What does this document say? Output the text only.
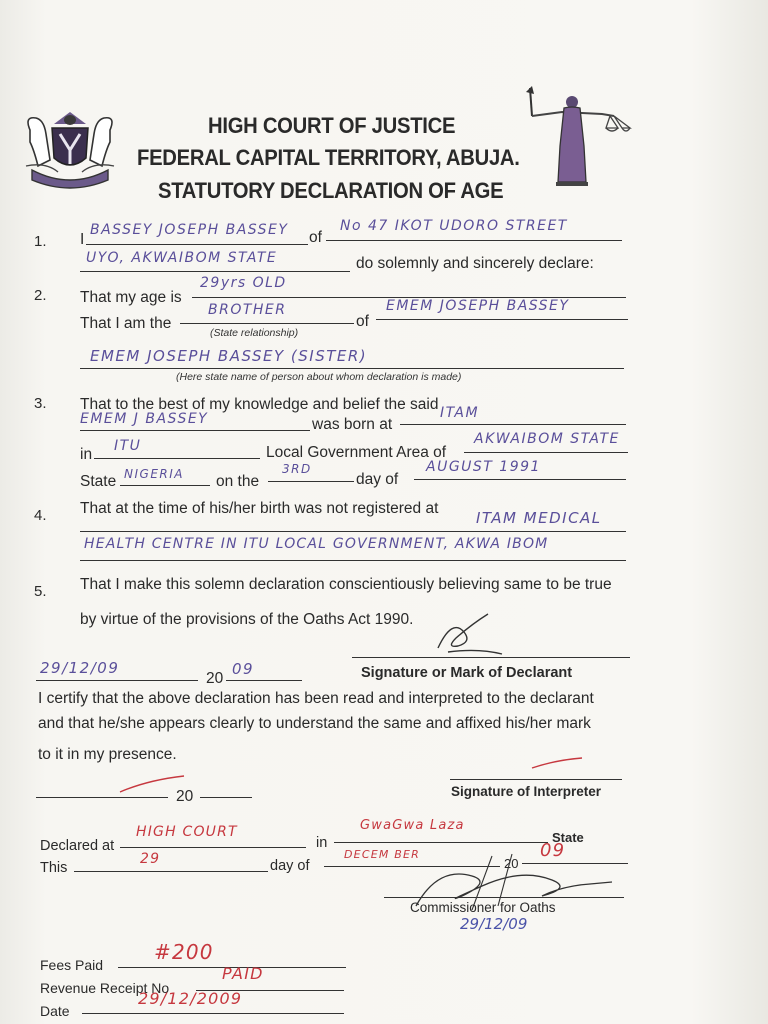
HIGH COURT OF JUSTICE
FEDERAL CAPITAL TERRITORY, ABUJA.
STATUTORY DECLARATION OF AGE
1. I
BASSEY JOSEPH BASSEY of
No 47 IKOT UDORO STREET
UYO, AKWAIBOM STATE	do solemnly and sincerely declare:
2. That my age is
29yrs OLD
That I am the
BROTHER
(State relationship)
of
EMEM JOSEPH BASSEY
EMEM JOSEPH BASSEY (SISTER)
(Here state name of person about whom declaration is made)
3. That to the best of my knowledge and belief the said
EMEM J BASSEY	was born at
ITAM
in ITU	Local Government Area of
AKWAIBOM STATE
State NIGERIA on the
3RD
day of
AUGUST 1991
4. That at the time of his/her birth was not registered at
ITAM MEDICAL
HEALTH CENTRE IN ITU LOCAL GOVERNMENT, AKWA IBOM
5. That I make this solemn declaration conscientiously believing same to be true
by virtue of the provisions of the Oaths Act 1990.
29/12/09
20
09	Signature or Mark of Declarant
I certify that the above declaration has been read and interpreted to the declarant
and that he/she appears clearly to understand the same and affixed his/her mark
to it in my presence.
20	Signature of Interpreter
Declared at
HIGH COURT
in
GwaGwa Laza
State
This
29	day of
DECEM BER
20
09
Commissioner for Oaths
29/12/09
Fees Paid
#200
Revenue Receipt No
PAID
Date
29/12/2009
